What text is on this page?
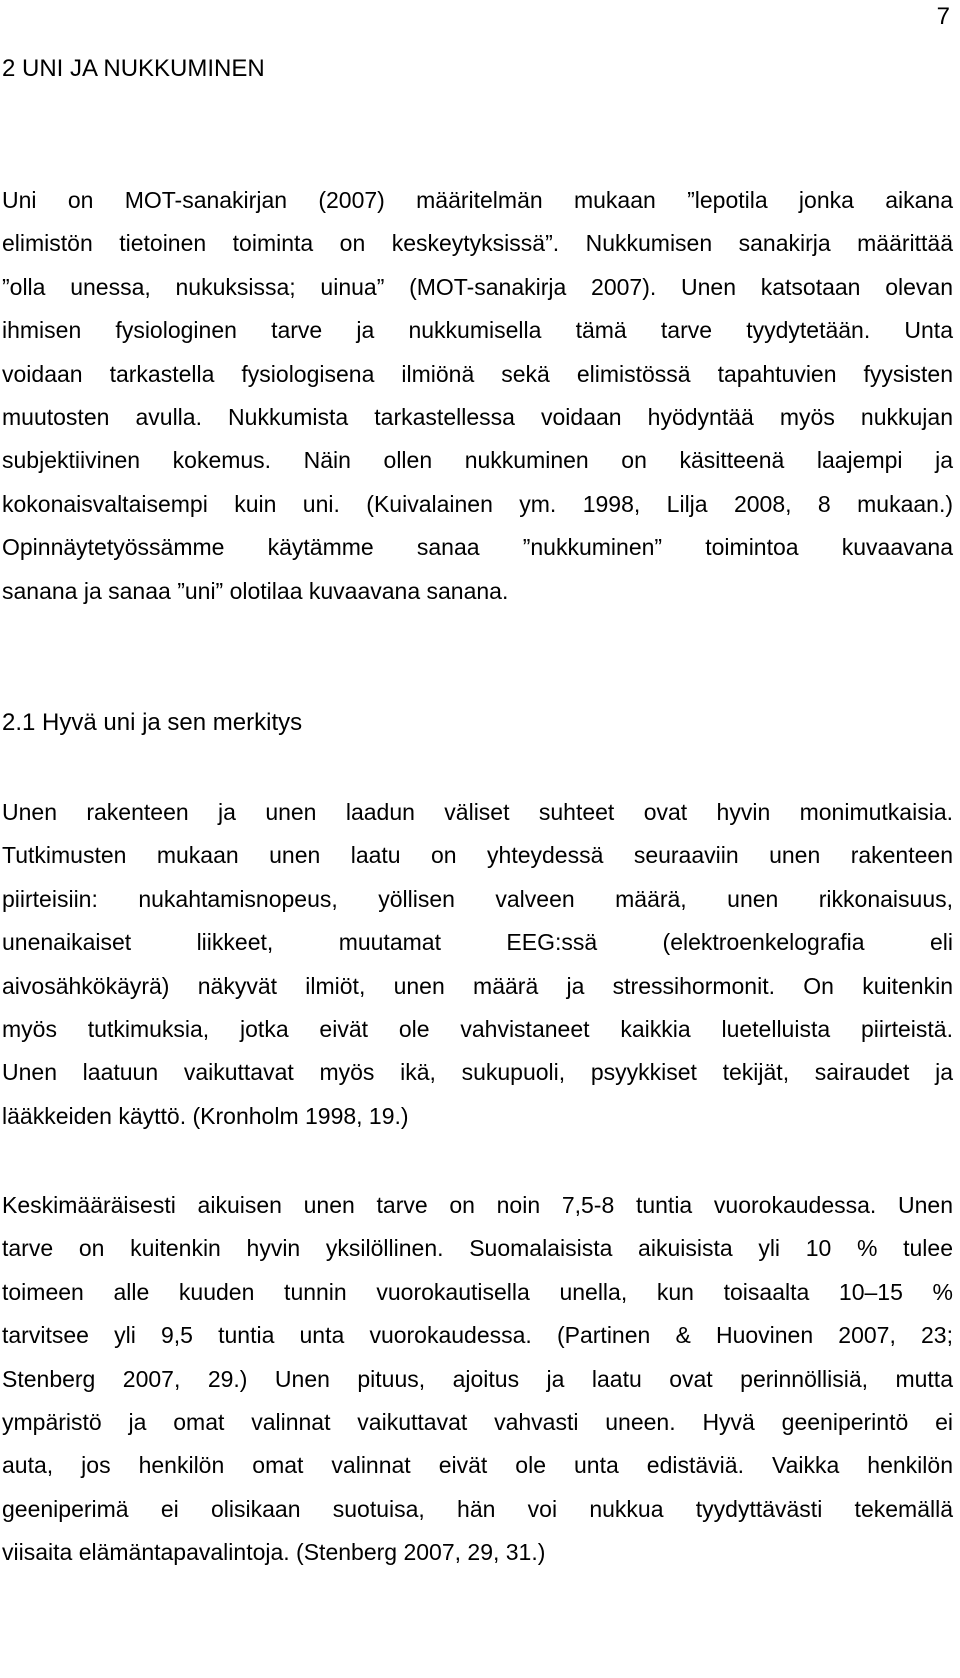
7
2 UNI JA NUKKUMINEN
Uni on MOT-sanakirjan (2007) määritelmän mukaan ”lepotila jonka aikana
elimistön tietoinen toiminta on keskeytyksissä”. Nukkumisen sanakirja määrittää
”olla unessa, nukuksissa; uinua” (MOT-sanakirja 2007). Unen katsotaan olevan
ihmisen fysiologinen tarve ja nukkumisella tämä tarve tyydytetään. Unta
voidaan tarkastella fysiologisena ilmiönä sekä elimistössä tapahtuvien fyysisten
muutosten avulla. Nukkumista tarkastellessa voidaan hyödyntää myös nukkujan
subjektiivinen kokemus. Näin ollen nukkuminen on käsitteenä laajempi ja
kokonaisvaltaisempi kuin uni. (Kuivalainen ym. 1998, Lilja 2008, 8 mukaan.)
Opinnäytetyössämme käytämme sanaa ”nukkuminen” toimintoa kuvaavana
sanana ja sanaa ”uni” olotilaa kuvaavana sanana.
2.1 Hyvä uni ja sen merkitys
Unen rakenteen ja unen laadun väliset suhteet ovat hyvin monimutkaisia.
Tutkimusten mukaan unen laatu on yhteydessä seuraaviin unen rakenteen
piirteisiin: nukahtamisnopeus, yöllisen valveen määrä, unen rikkonaisuus,
unenaikaiset liikkeet, muutamat EEG:ssä (elektroenkelografia eli
aivosähkökäyrä) näkyvät ilmiöt, unen määrä ja stressihormonit. On kuitenkin
myös tutkimuksia, jotka eivät ole vahvistaneet kaikkia luetelluista piirteistä.
Unen laatuun vaikuttavat myös ikä, sukupuoli, psyykkiset tekijät, sairaudet ja
lääkkeiden käyttö. (Kronholm 1998, 19.)
Keskimääräisesti aikuisen unen tarve on noin 7,5-8 tuntia vuorokaudessa. Unen
tarve on kuitenkin hyvin yksilöllinen. Suomalaisista aikuisista yli 10 % tulee
toimeen alle kuuden tunnin vuorokautisella unella, kun toisaalta 10–15 %
tarvitsee yli 9,5 tuntia unta vuorokaudessa. (Partinen & Huovinen 2007, 23;
Stenberg 2007, 29.) Unen pituus, ajoitus ja laatu ovat perinnöllisiä, mutta
ympäristö ja omat valinnat vaikuttavat vahvasti uneen. Hyvä geeniperintö ei
auta, jos henkilön omat valinnat eivät ole unta edistäviä. Vaikka henkilön
geeniperimä ei olisikaan suotuisa, hän voi nukkua tyydyttävästi tekemällä
viisaita elämäntapavalintoja. (Stenberg 2007, 29, 31.)
